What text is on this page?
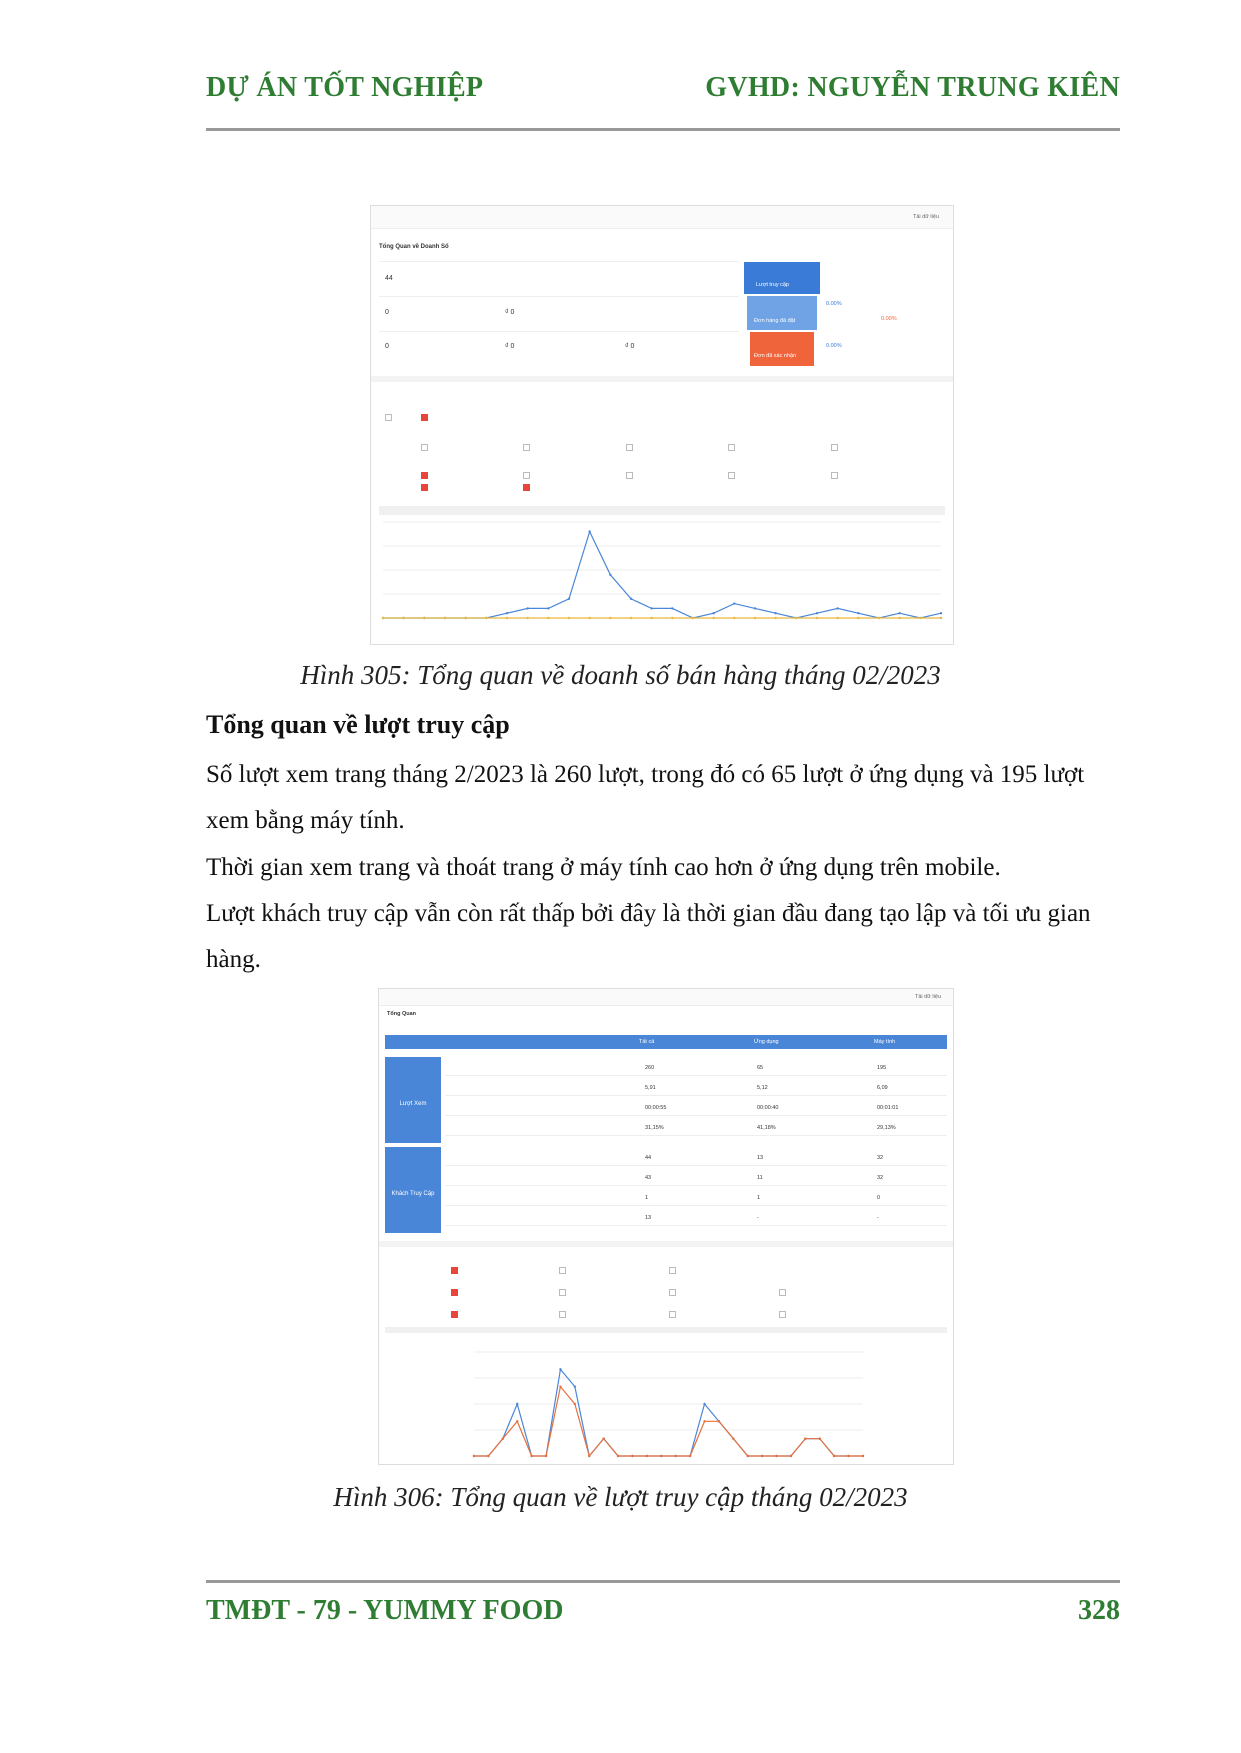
DỰ ÁN TỐT NGHIỆP	GVHD: NGUYỄN TRUNG KIÊN
Tải dữ liệu
Tổng Quan về Doanh Số
44
0	₫ 0
0	₫ 0	₫ 0
Lượt truy cập
Đơn hàng đã đặt
Đơn đã xác nhận
0.00%
0.00%
0.00%
Hình 305: Tổng quan về doanh số bán hàng tháng 02/2023
Tổng quan về lượt truy cập
Số lượt xem trang tháng 2/2023 là 260 lượt, trong đó có 65 lượt ở ứng dụng và 195 lượt xem bằng máy tính.
Thời gian xem trang và thoát trang ở máy tính cao hơn ở ứng dụng trên mobile.
Lượt khách truy cập vẫn còn rất thấp bởi đây là thời gian đầu đang tạo lập và tối ưu gian hàng.
Tải dữ liệu
Tổng Quan
Tất cả	Ứng dụng	Máy tính
Lượt Xem
Khách Truy Cập
260	65	195
5,91	5,12	6,09
00:00:55	00:00:40	00:01:01
31,15%	41,18%	29,13%
44	13	32
43	11	32
1	1	0
13	-	-
Hình 306: Tổng quan về lượt truy cập tháng 02/2023
TMĐT - 79 - YUMMY FOOD	328
